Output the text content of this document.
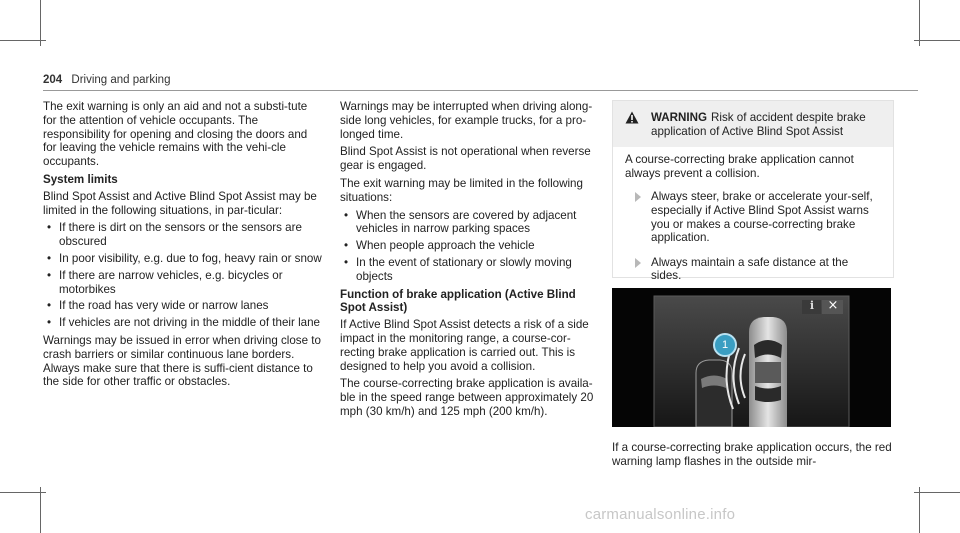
204 Driving and parking

The exit warning is only an aid and not a substi-tute for the attention of vehicle occupants. The responsibility for opening and closing the doors and for leaving the vehicle remains with the vehi-cle occupants.

System limits

Blind Spot Assist and Active Blind Spot Assist may be limited in the following situations, in par-ticular:

• If there is dirt on the sensors or the sensors are obscured
• In poor visibility, e.g. due to fog, heavy rain or snow
• If there are narrow vehicles, e.g. bicycles or motorbikes
• If the road has very wide or narrow lanes
• If vehicles are not driving in the middle of their lane

Warnings may be issued in error when driving close to crash barriers or similar continuous lane borders. Always make sure that there is suffi-cient distance to the side for other traffic or obstacles.

Warnings may be interrupted when driving along-side long vehicles, for example trucks, for a pro-longed time.

Blind Spot Assist is not operational when reverse gear is engaged.

The exit warning may be limited in the following situations:

• When the sensors are covered by adjacent vehicles in narrow parking spaces
• When people approach the vehicle
• In the event of stationary or slowly moving objects
Function of brake application (Active Blind Spot Assist)

If Active Blind Spot Assist detects a risk of a side impact in the monitoring range, a course-cor-recting brake application is carried out. This is designed to help you avoid a collision.

The course-correcting brake application is availa-ble in the speed range between approximately 20 mph (30 km/h) and 125 mph (200 km/h).

WARNING Risk of accident despite brake application of Active Blind Spot Assist

A course-correcting brake application cannot always prevent a collision.

Always steer, brake or accelerate your-self, especially if Active Blind Spot Assist warns you or makes a course-correcting brake application.
Always maintain a safe distance at the sides.
×
i
1
If a course-correcting brake application occurs, the red warning lamp flashes in the outside mir-
carmanualsonline.info
